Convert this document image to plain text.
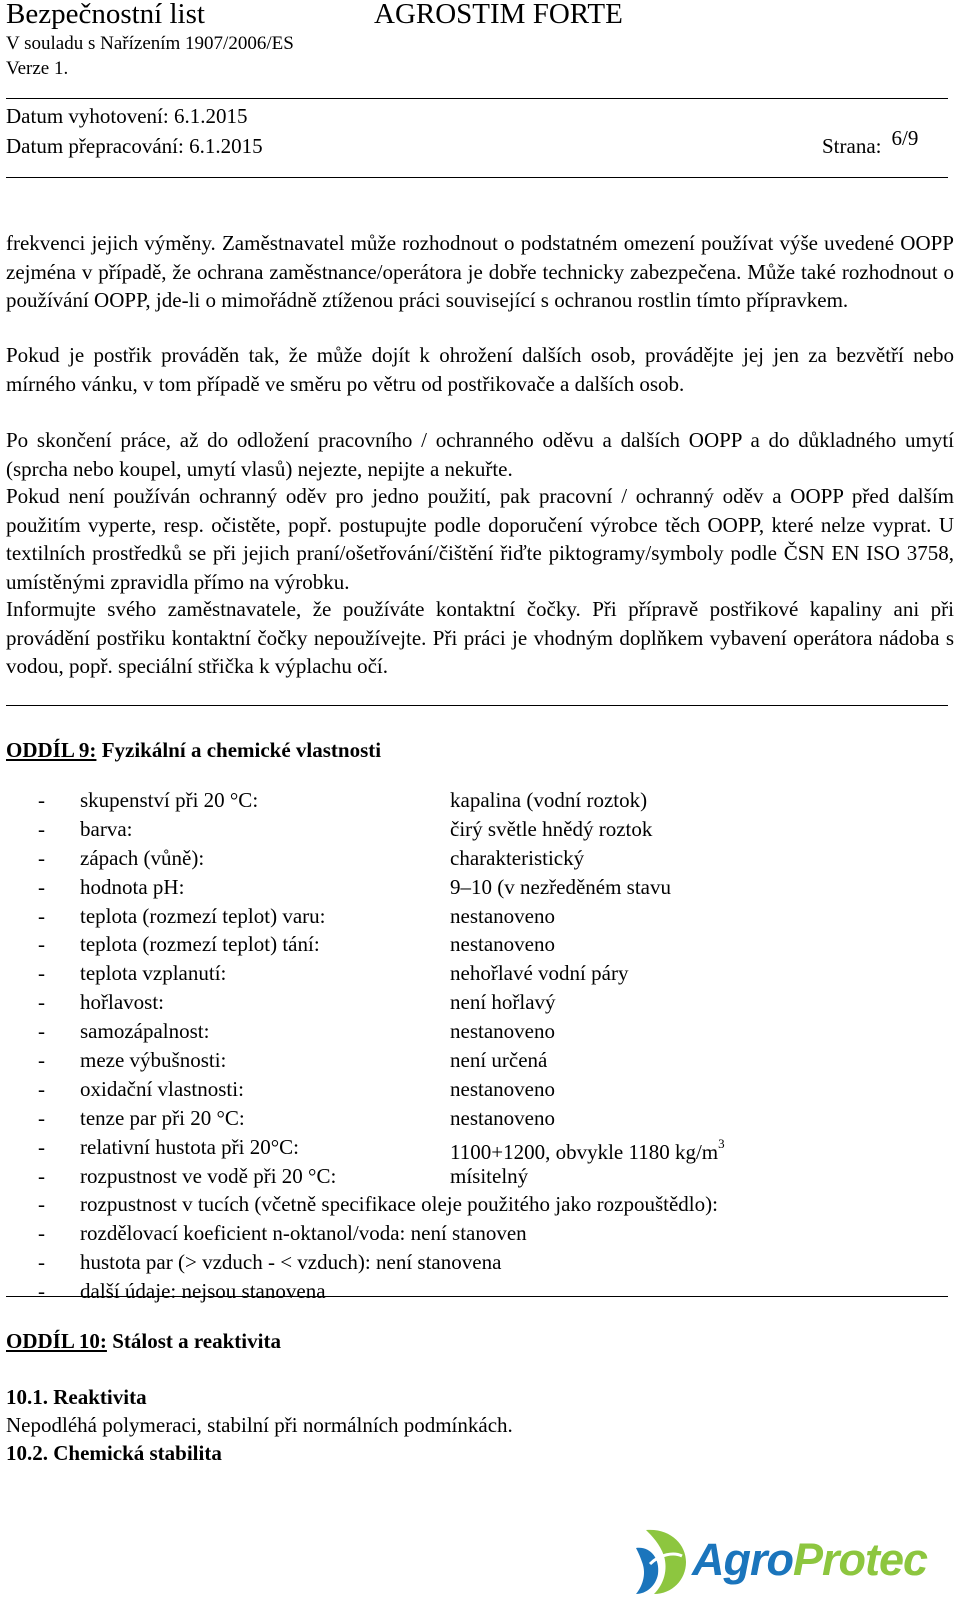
Bezpečnostní list	AGROSTIM FORTE
V souladu s Nařízením 1907/2006/ES
Verze 1.
Datum vyhotovení: 6.1.2015
Datum přepracování: 6.1.2015	Strana: 6/9
frekvenci jejich výměny. Zaměstnavatel může rozhodnout o podstatném omezení používat výše uvedené OOPP zejména v případě, že ochrana zaměstnance/operátora je dobře technicky zabezpečena. Může také rozhodnout o používání OOPP, jde-li o mimořádně ztíženou práci související s ochranou rostlin tímto přípravkem.
Pokud je postřik prováděn tak, že může dojít k ohrožení dalších osob, provádějte jej jen za bezvětří nebo mírného vánku, v tom případě ve směru po větru od postřikovače a dalších osob.
Po skončení práce, až do odložení pracovního / ochranného oděvu a dalších OOPP a do důkladného umytí (sprcha nebo koupel, umytí vlasů) nejezte, nepijte a nekuřte.
Pokud není používán ochranný oděv pro jedno použití, pak pracovní / ochranný oděv a OOPP před dalším použitím vyperte, resp. očistěte, popř. postupujte podle doporučení výrobce těch OOPP, které nelze vyprat. U textilních prostředků se při jejich praní/ošetřování/čištění řiďte piktogramy/symboly podle ČSN EN ISO 3758, umístěnými zpravidla přímo na výrobku.
Informujte svého zaměstnavatele, že používáte kontaktní čočky. Při přípravě postřikové kapaliny ani při provádění postřiku kontaktní čočky nepoužívejte. Při práci je vhodným doplňkem vybavení operátora nádoba s vodou, popř. speciální střička k výplachu očí.
ODDÍL 9: Fyzikální a chemické vlastnosti
- skupenství při 20 °C:	kapalina (vodní roztok)
- barva:	čirý světle hnědý roztok
- zápach (vůně):	charakteristický
- hodnota pH:	9–10 (v nezředěném stavu
- teplota (rozmezí teplot) varu:	nestanoveno
- teplota (rozmezí teplot) tání:	nestanoveno
- teplota vzplanutí:	nehořlavé vodní páry
- hořlavost:	není hořlavý
- samozápalnost:	nestanoveno
- meze výbušnosti:	není určená
- oxidační vlastnosti:	nestanoveno
- tenze par při 20 °C:	nestanoveno
- relativní hustota při 20°C:	1100+1200, obvykle 1180 $kg/m^3$
- rozpustnost ve vodě při 20 °C:	mísitelný
- rozpustnost v tucích (včetně specifikace oleje použitého jako rozpouštědlo):
- rozdělovací koeficient n-oktanol/voda: není stanoven
- hustota par (> vzduch - < vzduch): není stanovena
- další údaje: nejsou stanovena
ODDÍL 10: Stálost a reaktivita
10.1. Reaktivita
Nepodléhá polymeraci, stabilní při normálních podmínkách.
10.2. Chemická stabilita
AgroProtec
